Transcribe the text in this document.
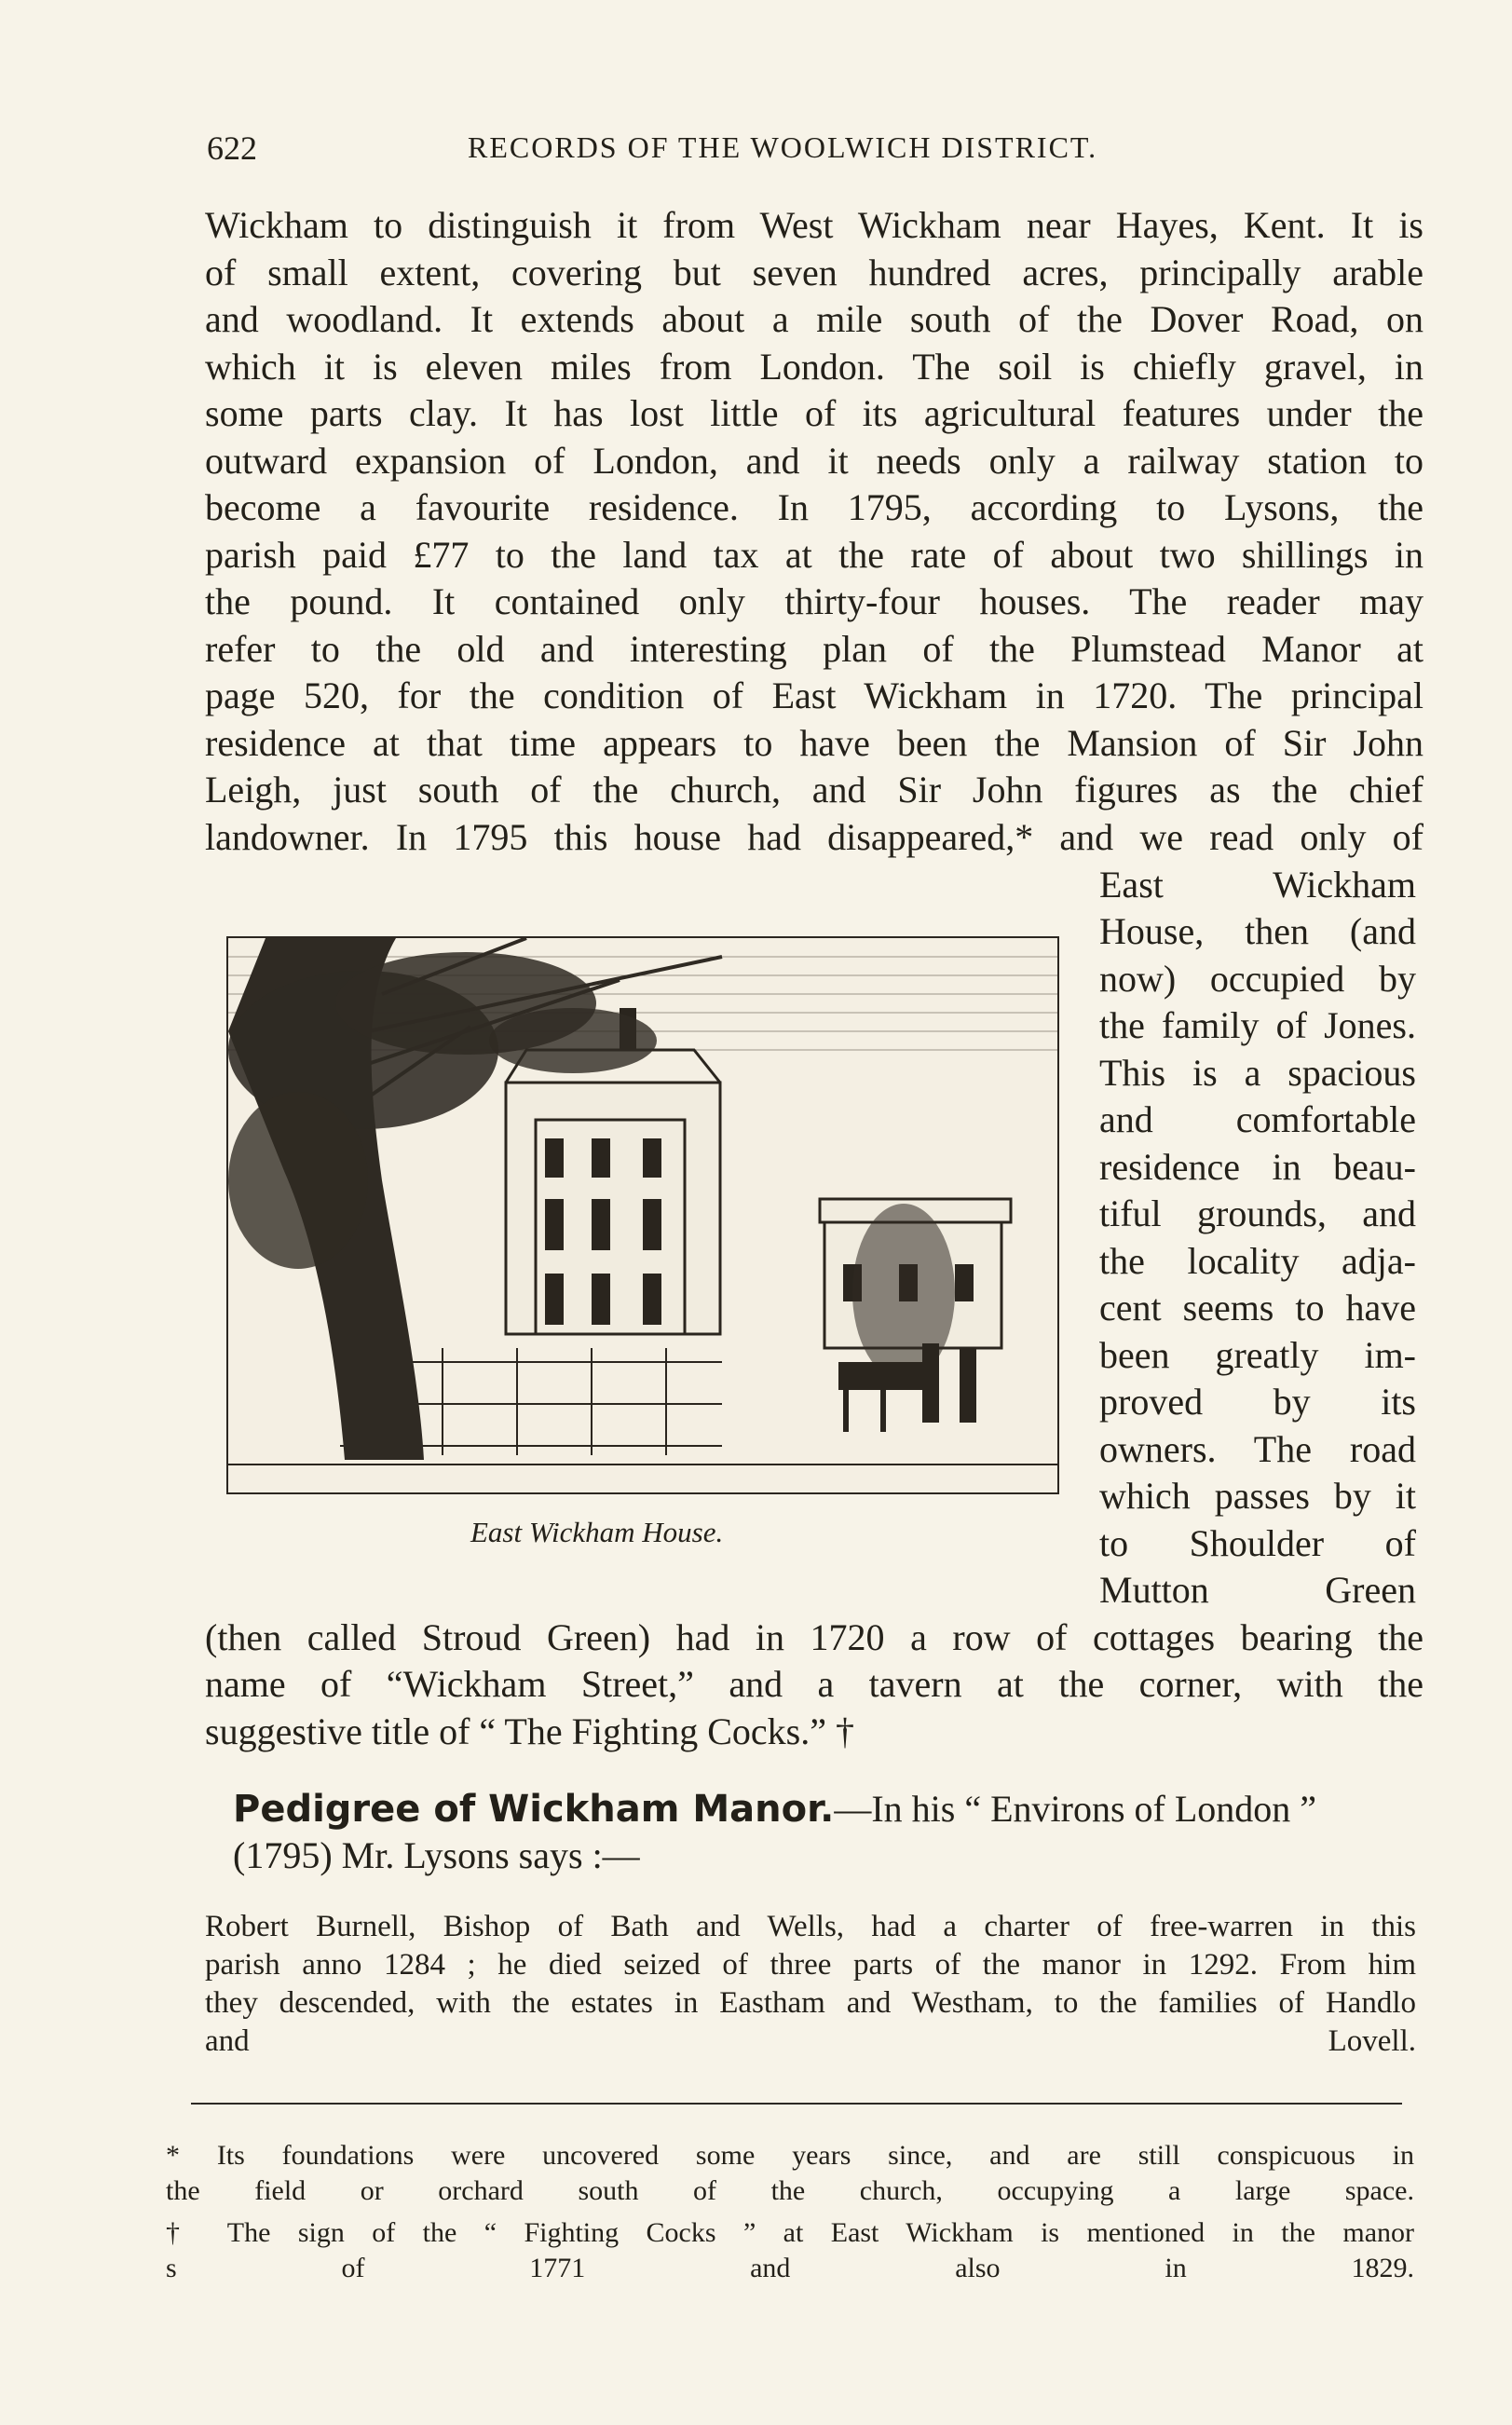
622	RECORDS OF THE WOOLWICH DISTRICT.
Wickham to distinguish it from West Wickham near Hayes, Kent. It is
of small extent, covering but seven hundred acres, principally arable
and woodland. It extends about a mile south of the Dover Road, on
which it is eleven miles from London. The soil is chiefly gravel, in
some parts clay. It has lost little of its agricultural features under the
outward expansion of London, and it needs only a railway station to
become a favourite residence. In 1795, according to Lysons, the
parish paid £77 to the land tax at the rate of about two shillings in
the pound. It contained only thirty-four houses. The reader may
refer to the old and interesting plan of the Plumstead Manor at
page 520, for the condition of East Wickham in 1720. The principal
residence at that time appears to have been the Mansion of Sir John
Leigh, just south of the church, and Sir John figures as the chief
landowner. In 1795 this house had disappeared,* and we read only of
East Wickham
House, then (and
now) occupied by
the family of Jones.
This is a spacious
and comfortable
residence in beau-
tiful grounds, and
the locality adja-
cent seems to have
been greatly im-
proved by its
owners. The road
which passes by it
to Shoulder of
Mutton Green
East Wickham House.
(then called Stroud Green) had in 1720 a row of cottages bearing the
name of “Wickham Street,” and a tavern at the corner, with the
suggestive title of “ The Fighting Cocks.” †
Pedigree of Wickham Manor.—In his “ Environs of London ”
(1795) Mr. Lysons says :—
Robert Burnell, Bishop of Bath and Wells, had a charter of free-warren in this
parish anno 1284 ; he died seized of three parts of the manor in 1292. From him
they descended, with the estates in Eastham and Westham, to the families of Handlo
and Lovell.
* Its foundations were uncovered some years since, and are still conspicuous in
the field or orchard south of the church, occupying a large space.
† The sign of the “ Fighting Cocks ” at East Wickham is mentioned in the manor
s of 1771 and also in 1829.
